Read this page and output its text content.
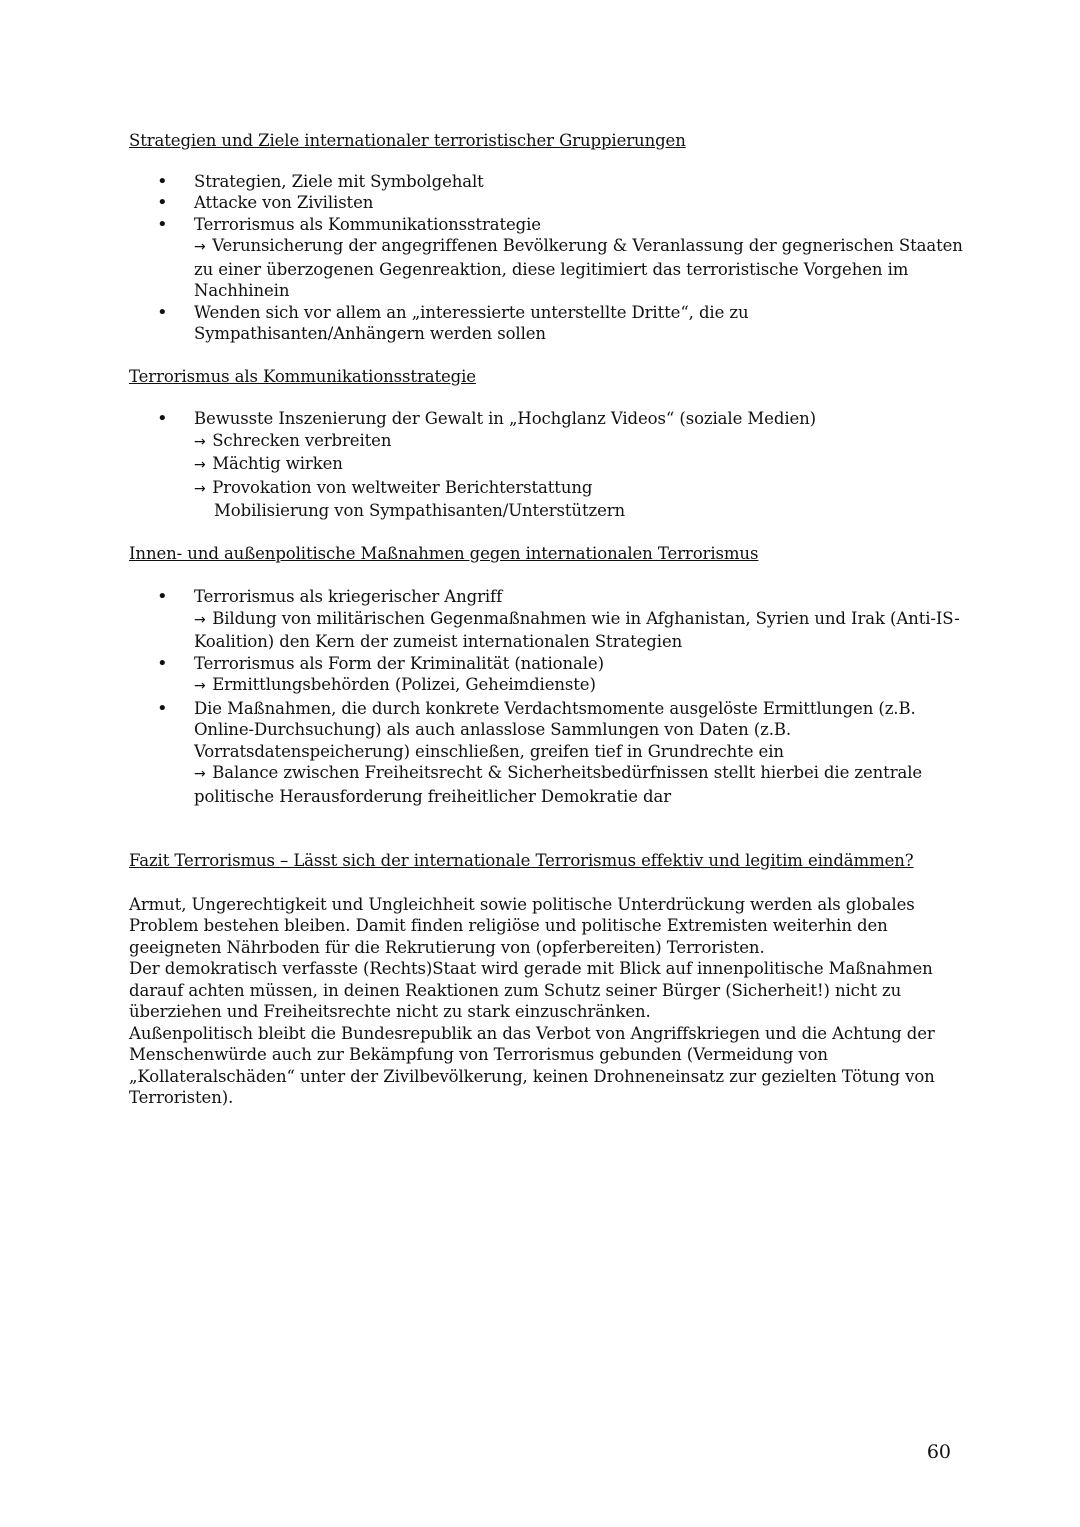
Strategien und Ziele internationaler terroristischer Gruppierungen

• Strategien, Ziele mit Symbolgehalt
• Attacke von Zivilisten
• Terrorismus als Kommunikationsstrategie
→ Verunsicherung der angegriffenen Bevölkerung & Veranlassung der gegnerischen Staaten zu einer überzogenen Gegenreaktion, diese legitimiert das terroristische Vorgehen im Nachhinein
• Wenden sich vor allem an „interessierte unterstellte Dritte“, die zu Sympathisanten/Anhängern werden sollen

Terrorismus als Kommunikationsstrategie

• Bewusste Inszenierung der Gewalt in „Hochglanz Videos“ (soziale Medien)
→ Schrecken verbreiten
→ Mächtig wirken
→ Provokation von weltweiter Berichterstattung
Mobilisierung von Sympathisanten/Unterstützern

Innen- und außenpolitische Maßnahmen gegen internationalen Terrorismus

• Terrorismus als kriegerischer Angriff
→ Bildung von militärischen Gegenmaßnahmen wie in Afghanistan, Syrien und Irak (Anti-IS-Koalition) den Kern der zumeist internationalen Strategien
• Terrorismus als Form der Kriminalität (nationale)
→ Ermittlungsbehörden (Polizei, Geheimdienste)
• Die Maßnahmen, die durch konkrete Verdachtsmomente ausgelöste Ermittlungen (z.B. Online-Durchsuchung) als auch anlasslose Sammlungen von Daten (z.B. Vorratsdatenspeicherung) einschließen, greifen tief in Grundrechte ein
→ Balance zwischen Freiheitsrecht & Sicherheitsbedürfnissen stellt hierbei die zentrale politische Herausforderung freiheitlicher Demokratie dar

Fazit Terrorismus – Lässt sich der internationale Terrorismus effektiv und legitim eindämmen?

Armut, Ungerechtigkeit und Ungleichheit sowie politische Unterdrückung werden als globales Problem bestehen bleiben. Damit finden religiöse und politische Extremisten weiterhin den geeigneten Nährboden für die Rekrutierung von (opferbereiten) Terroristen.

Der demokratisch verfasste (Rechts)Staat wird gerade mit Blick auf innenpolitische Maßnahmen darauf achten müssen, in deinen Reaktionen zum Schutz seiner Bürger (Sicherheit!) nicht zu überziehen und Freiheitsrechte nicht zu stark einzuschränken.

Außenpolitisch bleibt die Bundesrepublik an das Verbot von Angriffskriegen und die Achtung der Menschenwürde auch zur Bekämpfung von Terrorismus gebunden (Vermeidung von „Kollateralschäden“ unter der Zivilbevölkerung, keinen Drohneneinsatz zur gezielten Tötung von Terroristen).

60
